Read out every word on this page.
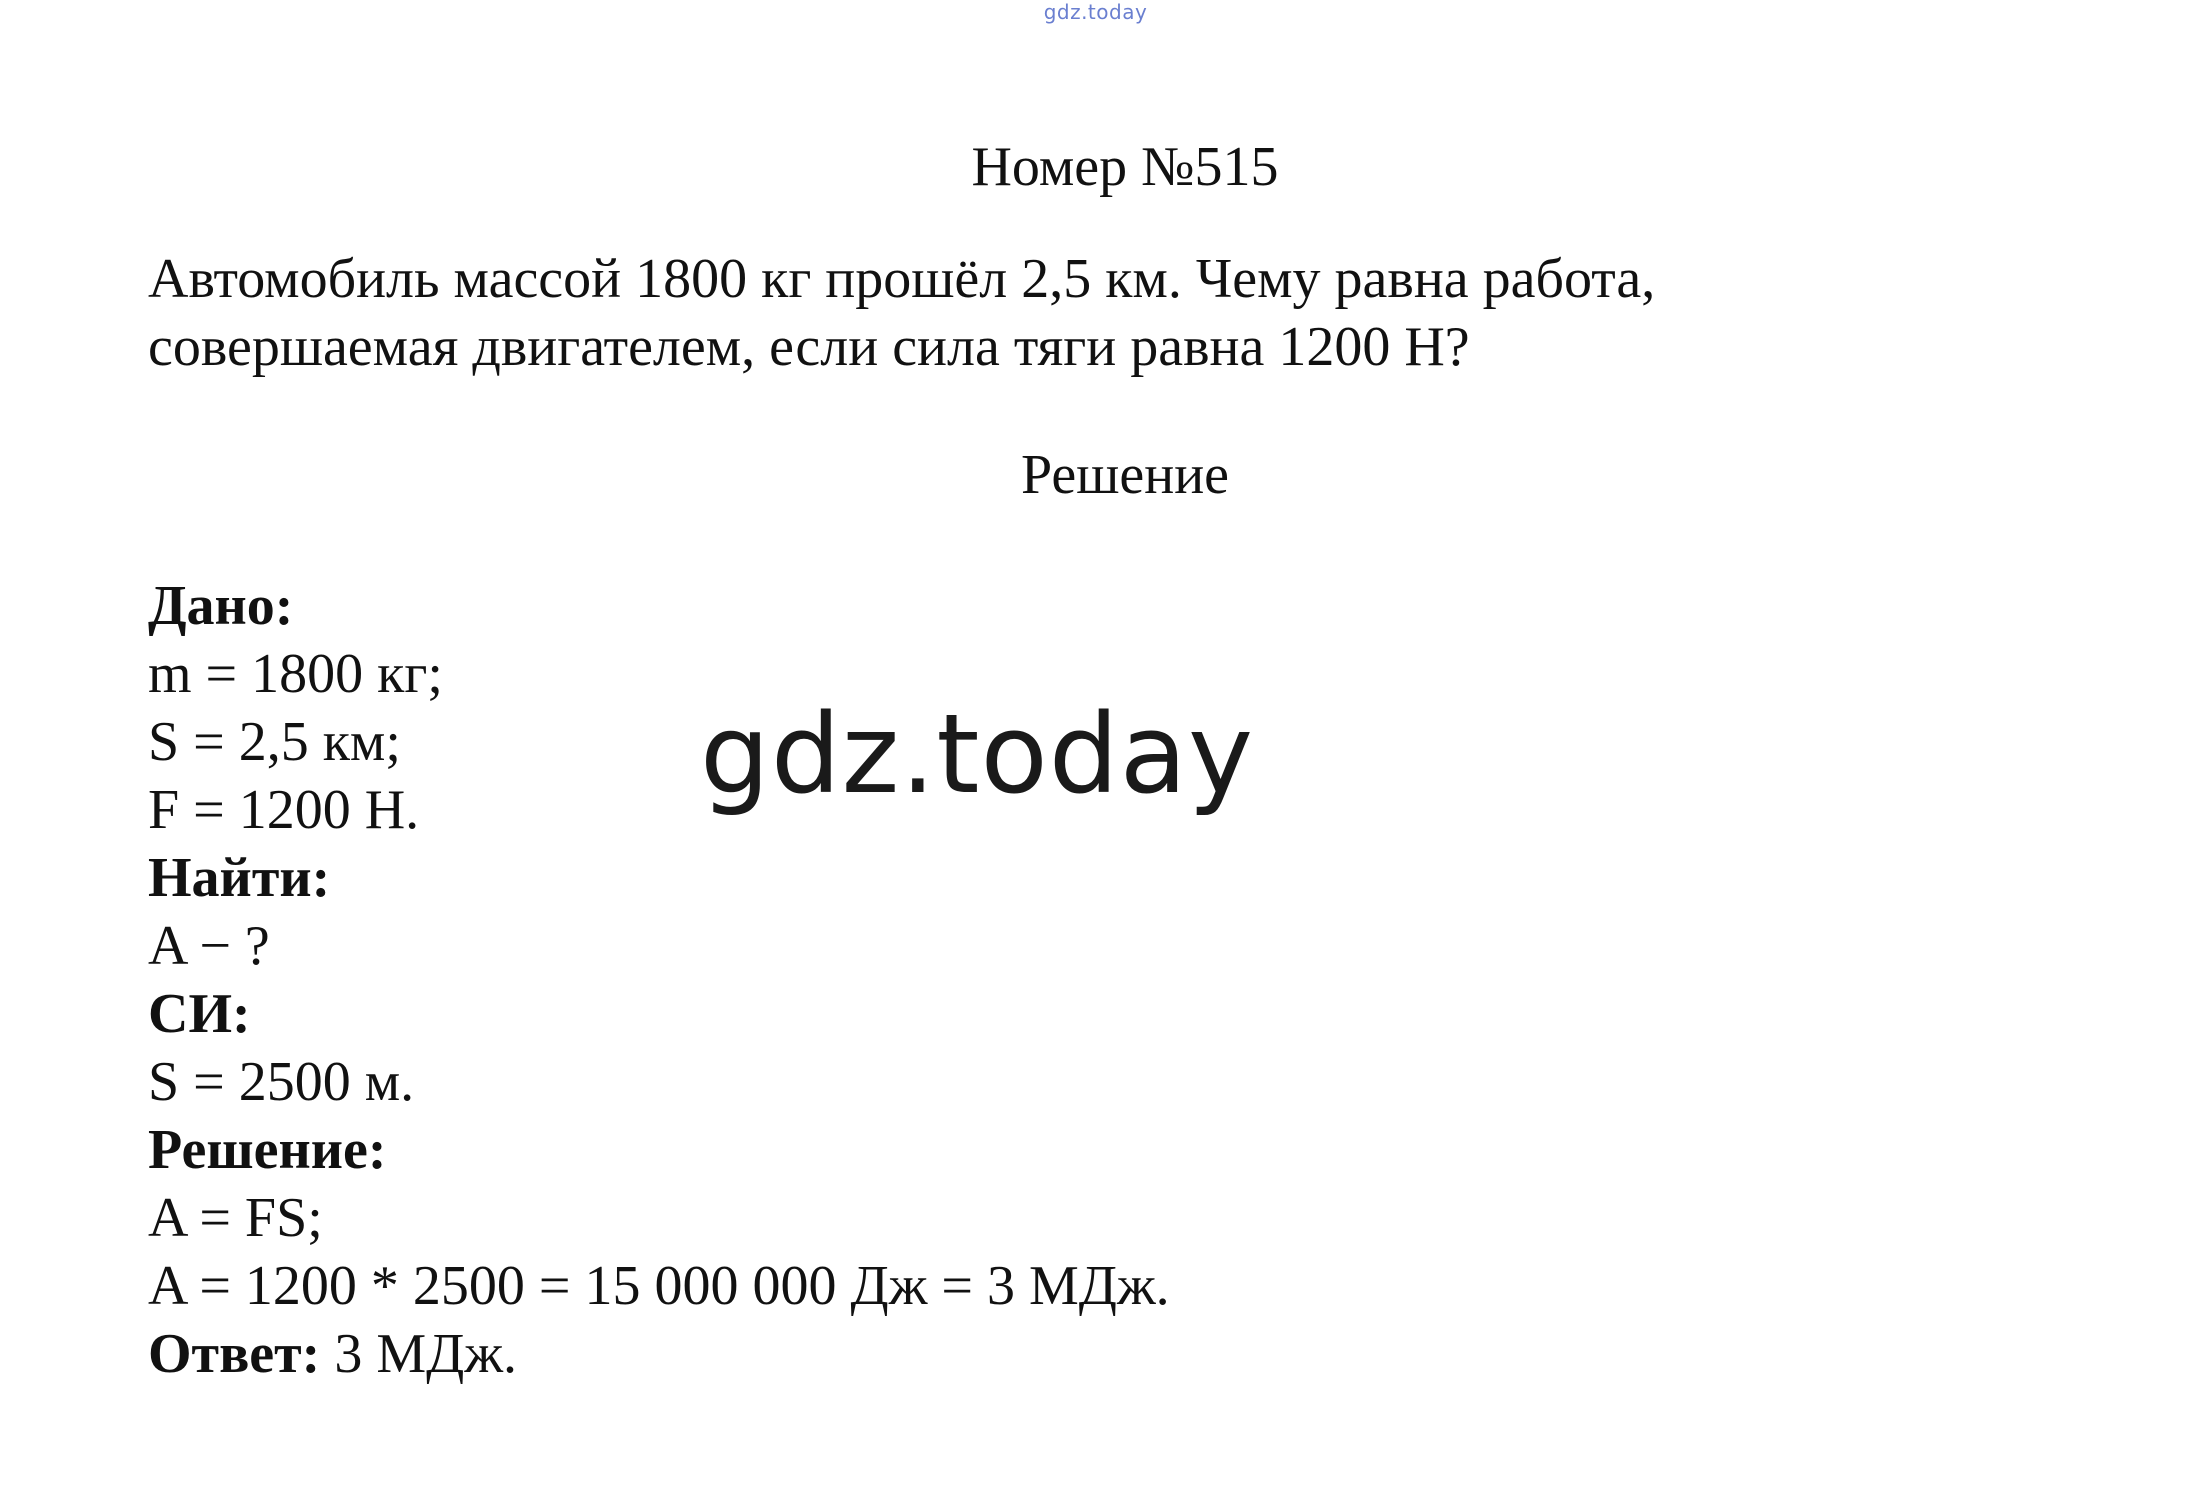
gdz.today
Номер №515

Автомобиль массой 1800 кг прошёл 2,5 км. Чему равна работа,

совершаемая двигателем, если сила тяги равна 1200 Н?

Решение
Дано:
m = 1800 кг;
S = 2,5 км;
F = 1200 Н.
Найти:
A − ?
СИ:
S = 2500 м.
Решение:
A = FS;
A = 1200 * 2500 = 15 000 000 Дж = 3 МДж.
Ответ: 3 МДж.
gdz.today
